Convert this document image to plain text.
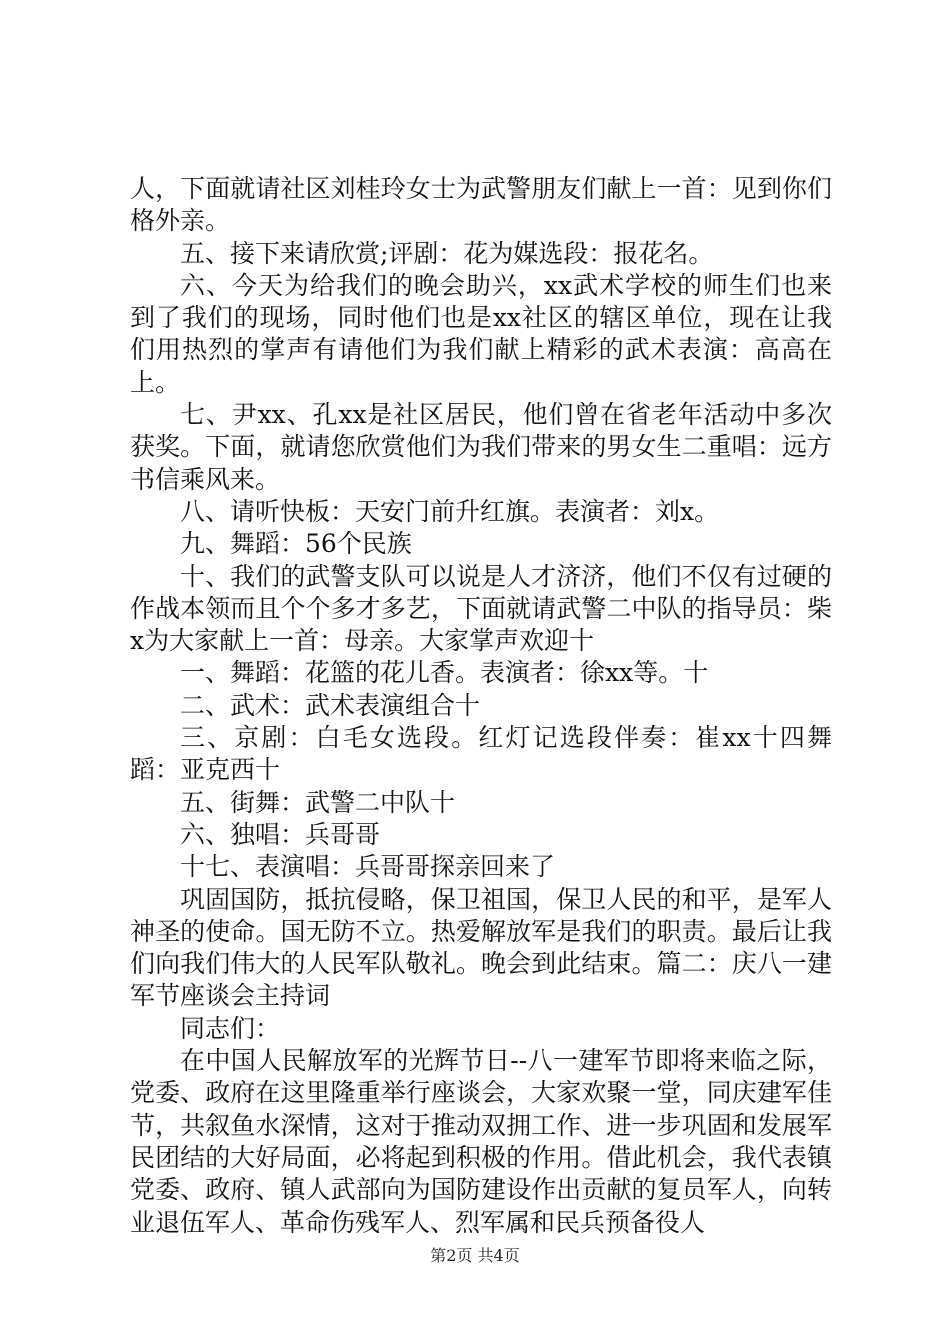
人，下面就请社区刘桂玲女士为武警朋友们献上一首：见到你们格外亲。

五、接下来请欣赏;评剧：花为媒选段：报花名。

六、今天为给我们的晚会助兴，xx武术学校的师生们也来到了我们的现场，同时他们也是xx社区的辖区单位，现在让我们用热烈的掌声有请他们为我们献上精彩的武术表演：高高在上。

七、尹xx、孔xx是社区居民，他们曾在省老年活动中多次获奖。下面，就请您欣赏他们为我们带来的男女生二重唱：远方书信乘风来。

八、请听快板：天安门前升红旗。表演者：刘x。

九、舞蹈：56个民族

十、我们的武警支队可以说是人才济济，他们不仅有过硬的作战本领而且个个多才多艺，下面就请武警二中队的指导员：柴x为大家献上一首：母亲。大家掌声欢迎十

一、舞蹈：花篮的花儿香。表演者：徐xx等。十

二、武术：武术表演组合十

三、京剧：白毛女选段。红灯记选段伴奏：崔xx十四舞蹈：亚克西十

五、街舞：武警二中队十

六、独唱：兵哥哥

十七、表演唱：兵哥哥探亲回来了

巩固国防，抵抗侵略，保卫祖国，保卫人民的和平，是军人神圣的使命。国无防不立。热爱解放军是我们的职责。最后让我们向我们伟大的人民军队敬礼。晚会到此结束。篇二：庆八一建军节座谈会主持词

同志们：

在中国人民解放军的光辉节日--八一建军节即将来临之际，党委、政府在这里隆重举行座谈会，大家欢聚一堂，同庆建军佳节，共叙鱼水深情，这对于推动双拥工作、进一步巩固和发展军民团结的大好局面，必将起到积极的作用。借此机会，我代表镇党委、政府、镇人武部向为国防建设作出贡献的复员军人，向转业退伍军人、革命伤残军人、烈军属和民兵预备役人

第2页 共4页
